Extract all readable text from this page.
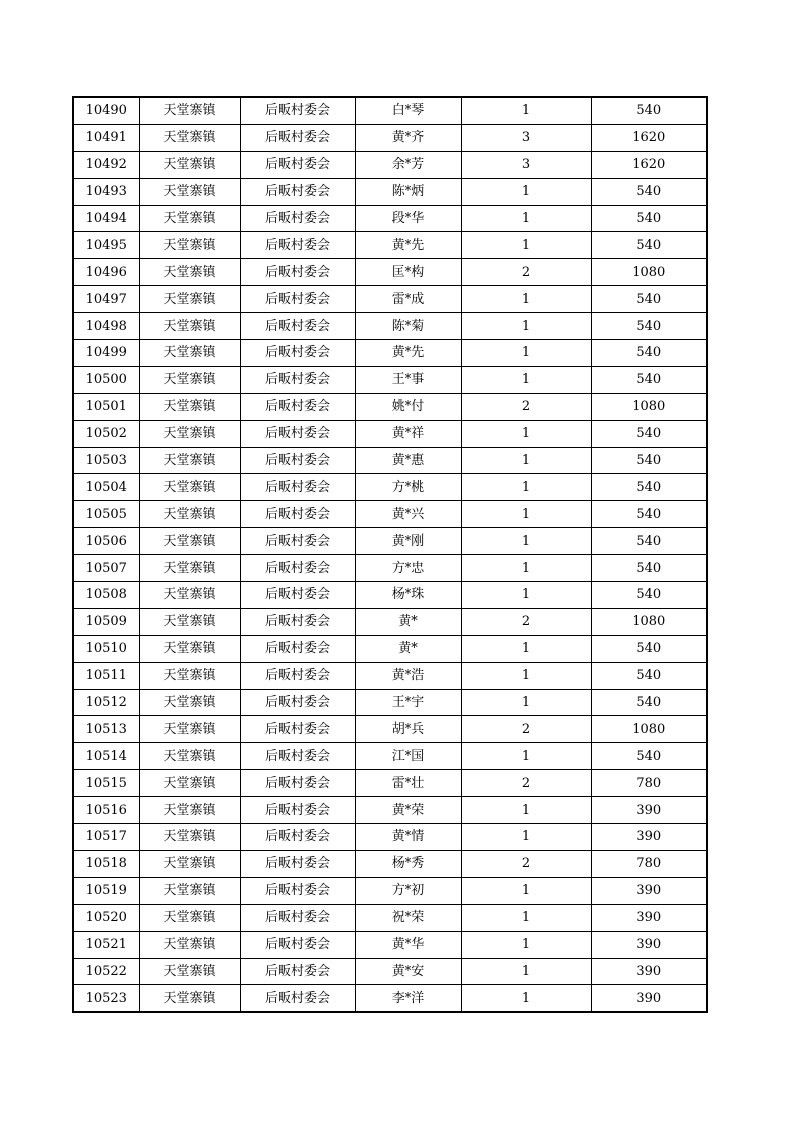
10490	天堂寨镇	后畈村委会	白*琴	1	540
10491	天堂寨镇	后畈村委会	黄*齐	3	1620
10492	天堂寨镇	后畈村委会	余*芳	3	1620
10493	天堂寨镇	后畈村委会	陈*炳	1	540
10494	天堂寨镇	后畈村委会	段*华	1	540
10495	天堂寨镇	后畈村委会	黄*先	1	540
10496	天堂寨镇	后畈村委会	匡*构	2	1080
10497	天堂寨镇	后畈村委会	雷*成	1	540
10498	天堂寨镇	后畈村委会	陈*菊	1	540
10499	天堂寨镇	后畈村委会	黄*先	1	540
10500	天堂寨镇	后畈村委会	王*事	1	540
10501	天堂寨镇	后畈村委会	姚*付	2	1080
10502	天堂寨镇	后畈村委会	黄*祥	1	540
10503	天堂寨镇	后畈村委会	黄*惠	1	540
10504	天堂寨镇	后畈村委会	方*桃	1	540
10505	天堂寨镇	后畈村委会	黄*兴	1	540
10506	天堂寨镇	后畈村委会	黄*刚	1	540
10507	天堂寨镇	后畈村委会	方*忠	1	540
10508	天堂寨镇	后畈村委会	杨*珠	1	540
10509	天堂寨镇	后畈村委会	黄*	2	1080
10510	天堂寨镇	后畈村委会	黄*	1	540
10511	天堂寨镇	后畈村委会	黄*浩	1	540
10512	天堂寨镇	后畈村委会	王*宇	1	540
10513	天堂寨镇	后畈村委会	胡*兵	2	1080
10514	天堂寨镇	后畈村委会	江*国	1	540
10515	天堂寨镇	后畈村委会	雷*壮	2	780
10516	天堂寨镇	后畈村委会	黄*荣	1	390
10517	天堂寨镇	后畈村委会	黄*情	1	390
10518	天堂寨镇	后畈村委会	杨*秀	2	780
10519	天堂寨镇	后畈村委会	方*初	1	390
10520	天堂寨镇	后畈村委会	祝*荣	1	390
10521	天堂寨镇	后畈村委会	黄*华	1	390
10522	天堂寨镇	后畈村委会	黄*安	1	390
10523	天堂寨镇	后畈村委会	李*洋	1	390
